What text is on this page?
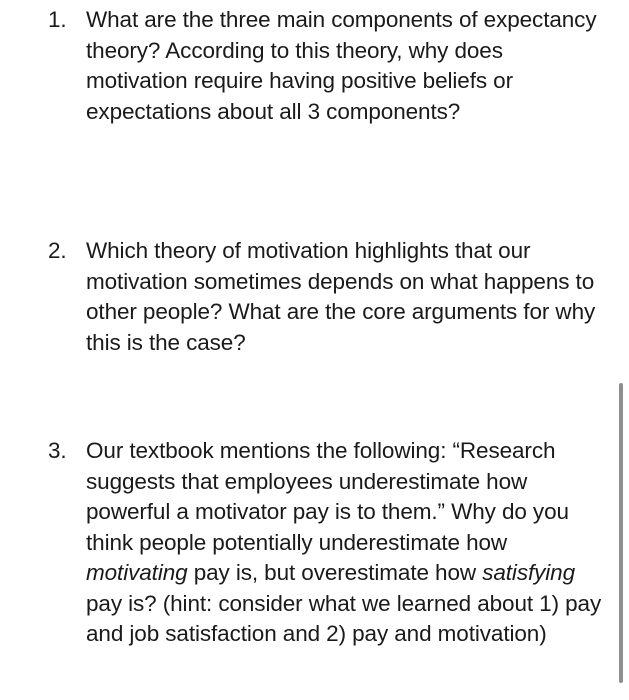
1. What are the three main components of expectancy theory? According to this theory, why does motivation require having positive beliefs or expectations about all 3 components?
2. Which theory of motivation highlights that our motivation sometimes depends on what happens to other people? What are the core arguments for why this is the case?
3. Our textbook mentions the following: “Research suggests that employees underestimate how powerful a motivator pay is to them.” Why do you think people potentially underestimate how motivating pay is, but overestimate how satisfying pay is? (hint: consider what we learned about 1) pay and job satisfaction and 2) pay and motivation)
